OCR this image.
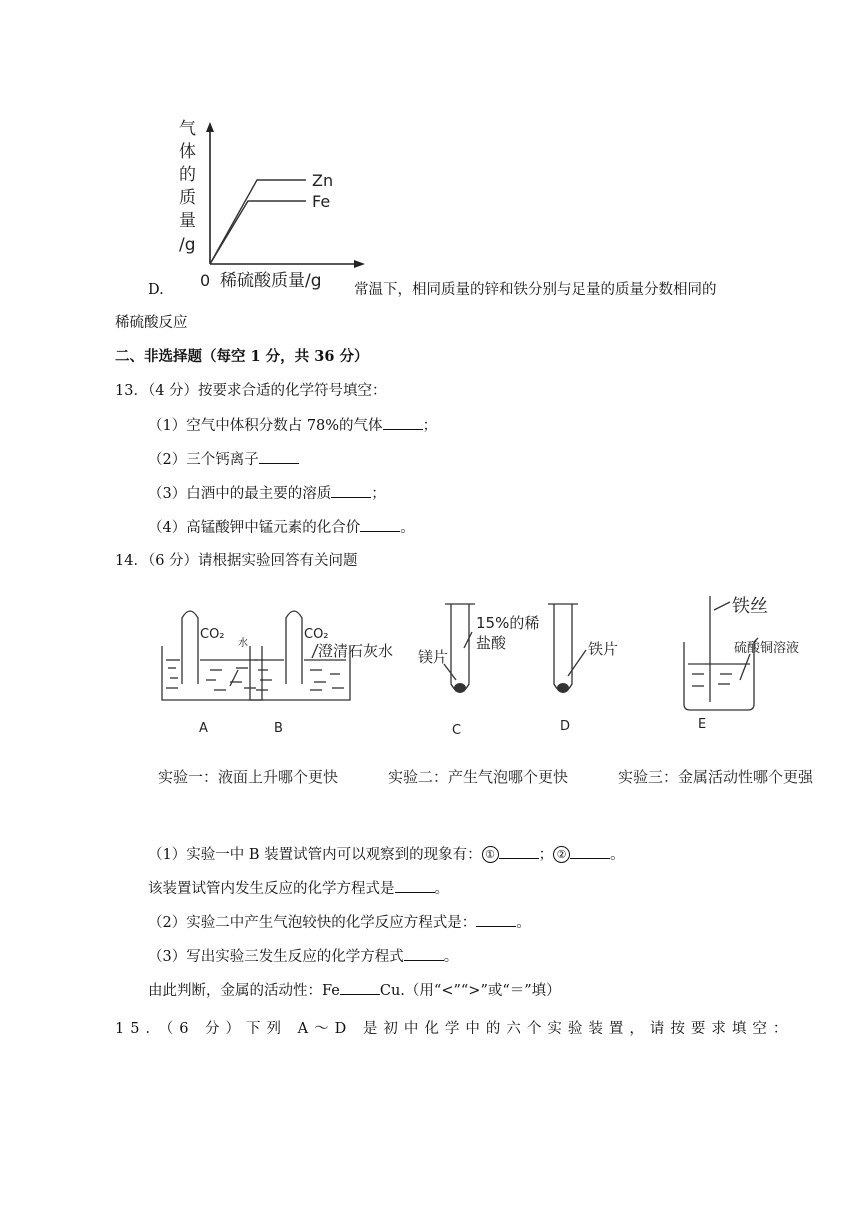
气
体
的
质
量
/g
Zn
Fe
0 稀硫酸质量/g
D.	常温下，相同质量的锌和铁分别与足量的质量分数相同的
稀硫酸反应
二、非选择题（每空 1 分，共 36 分）
13．（4 分）按要求合适的化学符号填空：
（1）空气中体积分数占 78%的气体	；
（2）三个钙离子
（3）白酒中的最主要的溶质	；
（4）高锰酸钾中锰元素的化合价	。
14．（6 分）请根据实验回答有关问题
CO₂
水
CO₂
澄清石灰水 镁片
15%的稀
盐酸	铁片
铁丝
硫酸铜溶液
A	B	C	D	E
实验一：液面上升哪个更快	实验二：产生气泡哪个更快	实验三：金属活动性哪个更强
（1）实验一中 B 装置试管内可以观察到的现象有： ①	； ②	。
该装置试管内发生反应的化学方程式是	。
（2）实验二中产生气泡较快的化学反应方程式是：	。
（3）写出实验三发生反应的化学方程式	。
由此判断，金属的活动性：Fe	Cu.（用“<”“>”或“＝”填）
15．（6 分）下列 A～D 是初中化学中的六个实验装置，请按要求填空：
